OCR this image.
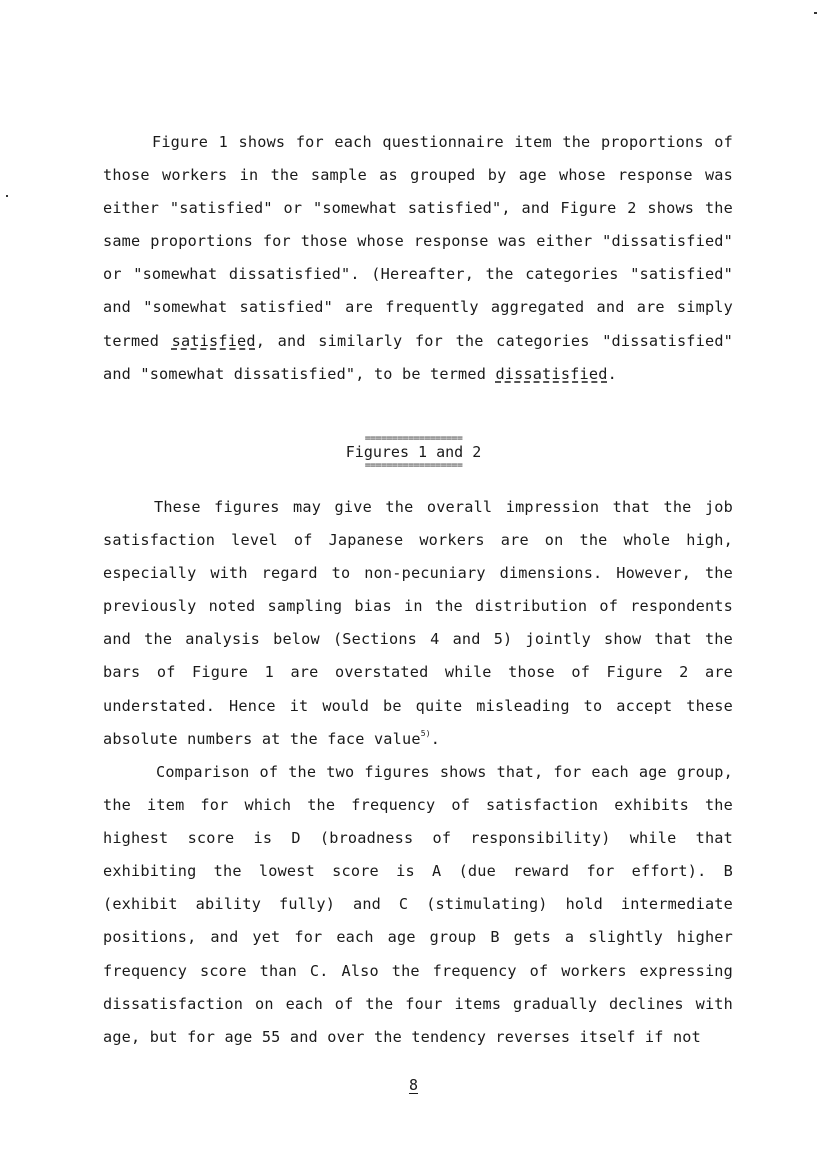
Figure 1 shows for each questionnaire item the proportions of those workers in the sample as grouped by age whose response was either "satisfied" or "somewhat satisfied", and Figure 2 shows the same proportions for those whose response was either "dissatisfied" or "somewhat dissatisfied". (Hereafter, the categories "satisfied" and "somewhat satisfied" are frequently aggregated and are simply termed satisfied, and similarly for the categories "dissatisfied" and "somewhat dissatisfied", to be termed dissatisfied.

==================
Figures 1 and 2
==================

These figures may give the overall impression that the job satisfaction level of Japanese workers are on the whole high, especially with regard to non-pecuniary dimensions. However, the previously noted sampling bias in the distribution of respondents and the analysis below (Sections 4 and 5) jointly show that the bars of Figure 1 are overstated while those of Figure 2 are understated. Hence it would be quite misleading to accept these absolute numbers at the face value$^{5)}$.

Comparison of the two figures shows that, for each age group, the item for which the frequency of satisfaction exhibits the highest score is D (broadness of responsibility) while that exhibiting the lowest score is A (due reward for effort). B (exhibit ability fully) and C (stimulating) hold intermediate positions, and yet for each age group B gets a slightly higher frequency score than C. Also the frequency of workers expressing dissatisfaction on each of the four items gradually declines with age, but for age 55 and over the tendency reverses itself if not

8
